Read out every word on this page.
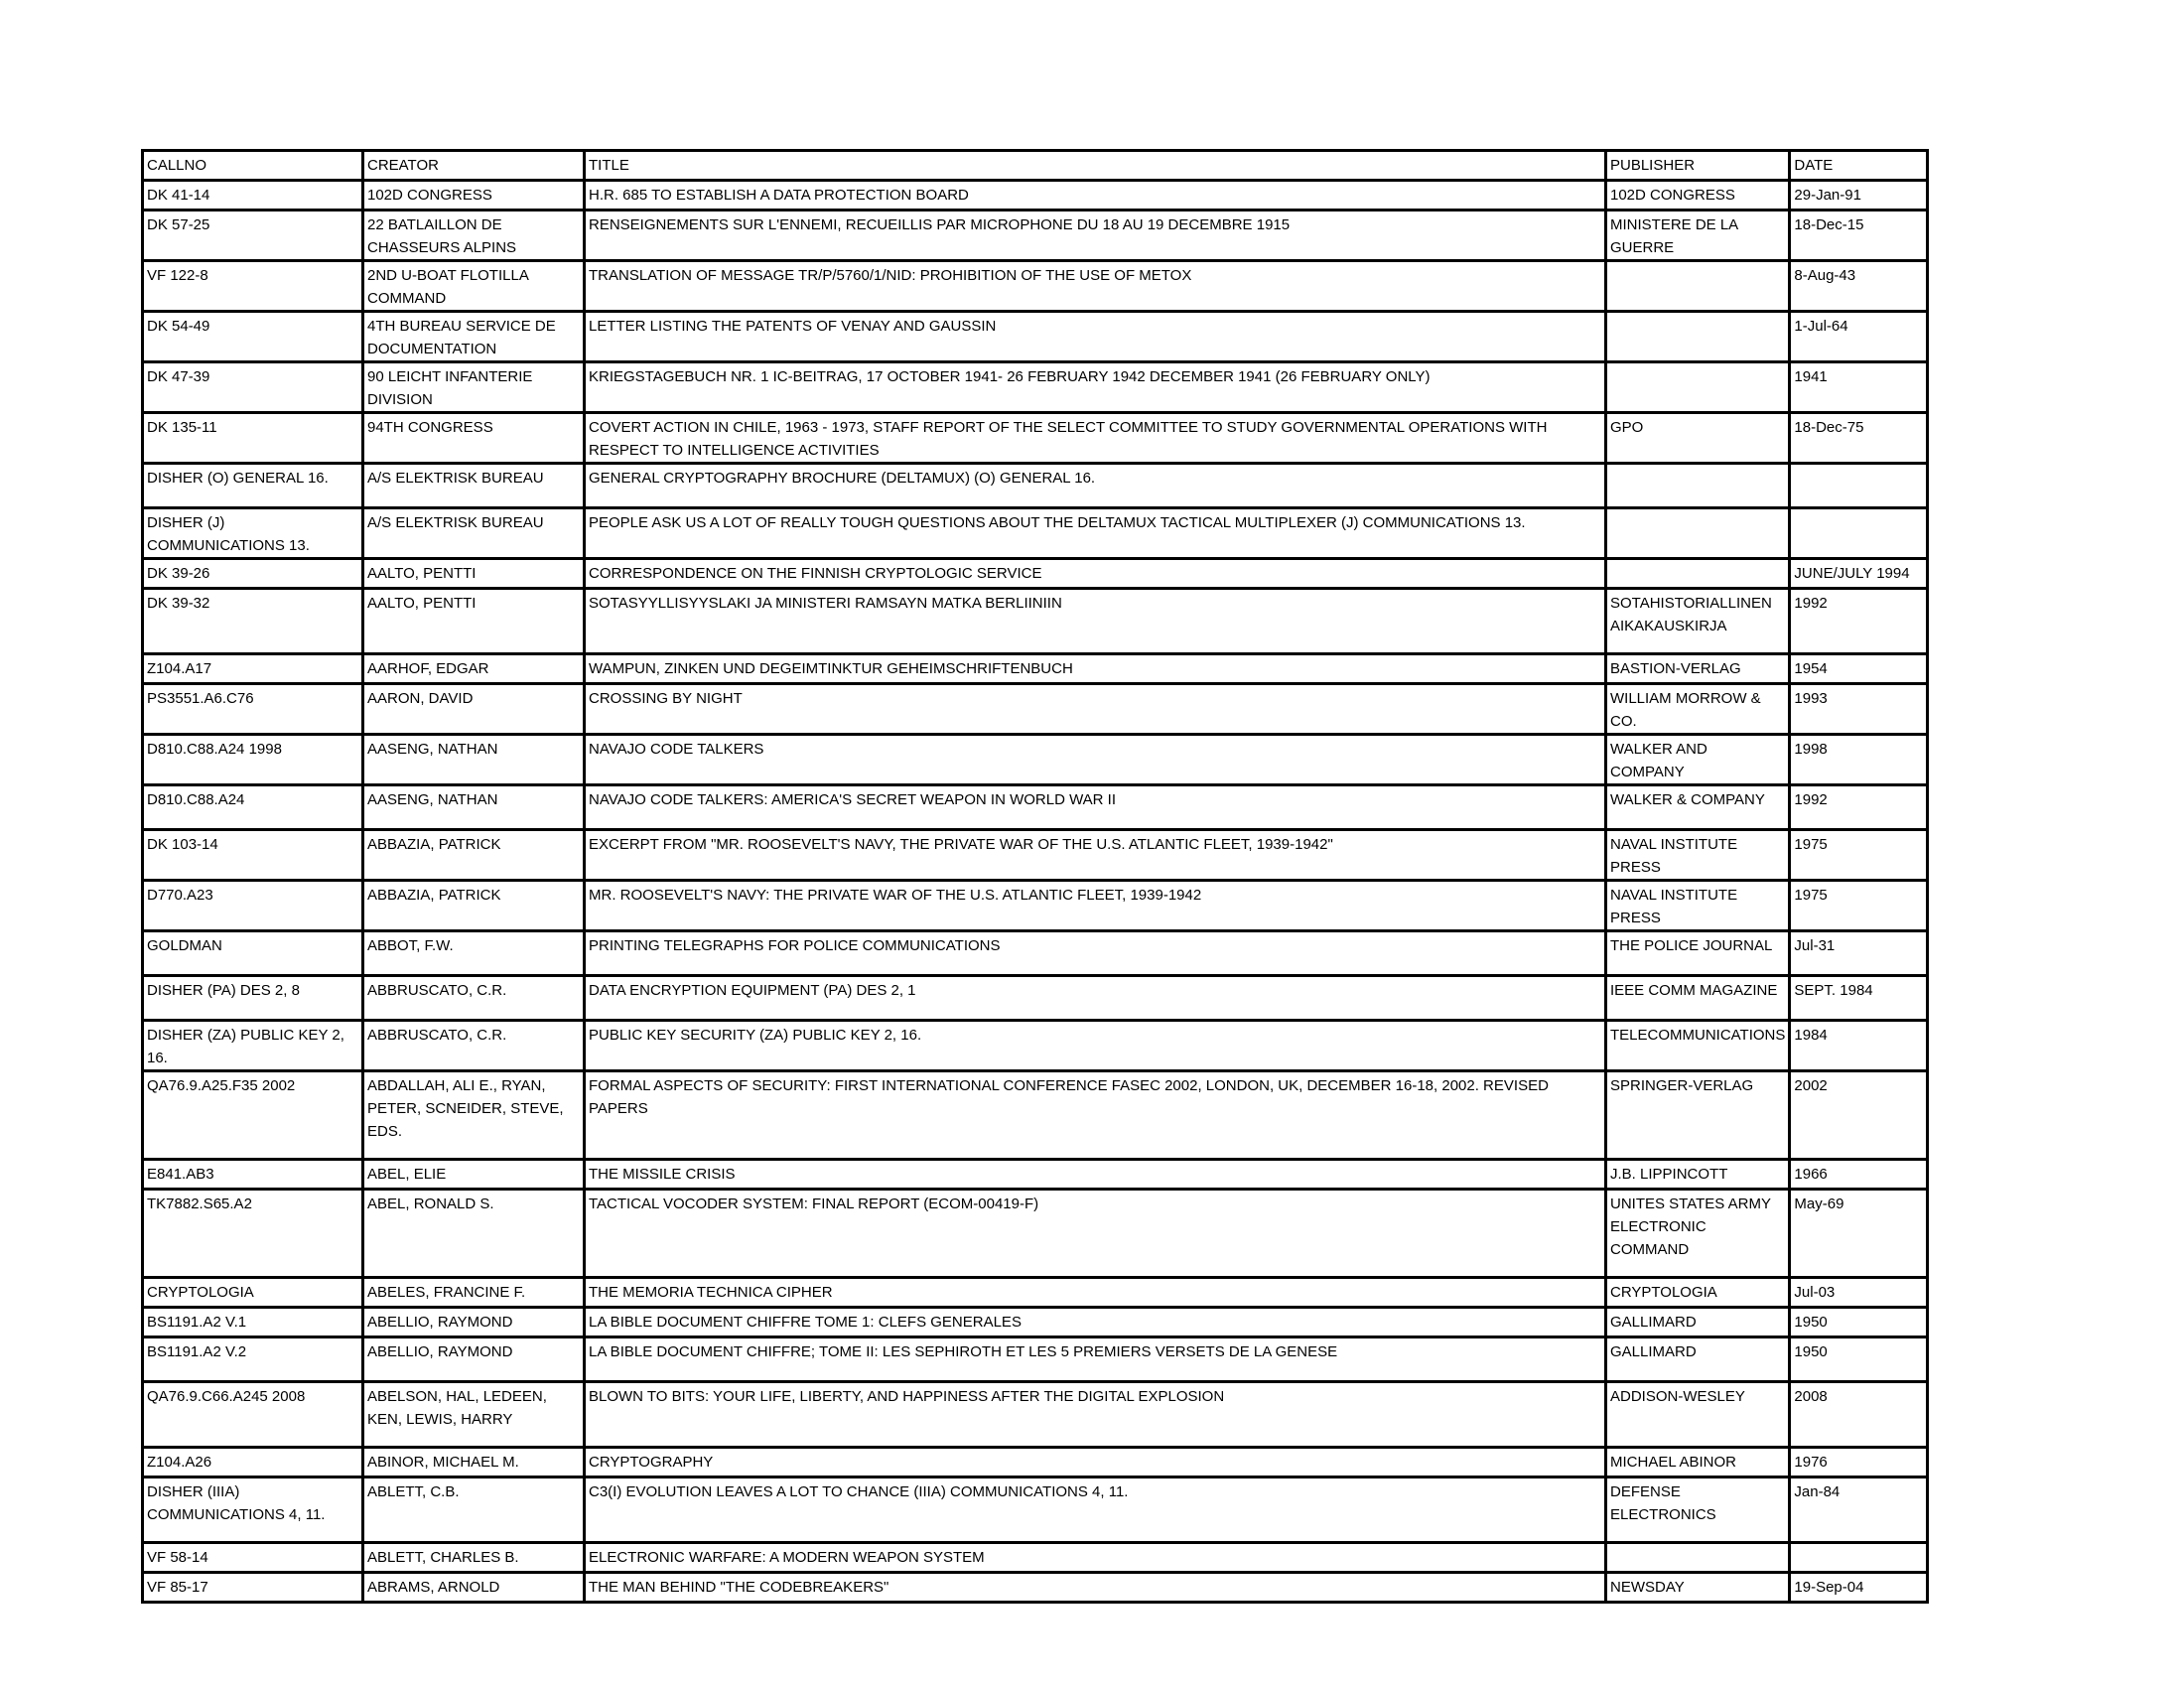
CALLNO	CREATOR	TITLE	PUBLISHER	DATE
DK 41-14	102D CONGRESS	H.R. 685 TO ESTABLISH A DATA PROTECTION BOARD	102D CONGRESS	29-Jan-91
DK 57-25	22 BATLAILLON DE CHASSEURS ALPINS	RENSEIGNEMENTS SUR L'ENNEMI, RECUEILLIS PAR MICROPHONE DU 18 AU 19 DECEMBRE 1915	MINISTERE DE LA GUERRE	18-Dec-15
VF 122-8	2ND U-BOAT FLOTILLA COMMAND	TRANSLATION OF MESSAGE TR/P/5760/1/NID: PROHIBITION OF THE USE OF METOX		8-Aug-43
DK 54-49	4TH BUREAU SERVICE DE DOCUMENTATION	LETTER LISTING THE PATENTS OF VENAY AND GAUSSIN		1-Jul-64
DK 47-39	90 LEICHT INFANTERIE DIVISION	KRIEGSTAGEBUCH NR. 1 IC-BEITRAG, 17 OCTOBER 1941- 26 FEBRUARY 1942 DECEMBER 1941 (26 FEBRUARY ONLY)		1941
DK 135-11	94TH CONGRESS	COVERT ACTION IN CHILE, 1963 - 1973, STAFF REPORT OF THE SELECT COMMITTEE TO STUDY GOVERNMENTAL OPERATIONS WITH RESPECT TO INTELLIGENCE ACTIVITIES	GPO	18-Dec-75
DISHER (O) GENERAL 16.	A/S ELEKTRISK BUREAU	GENERAL CRYPTOGRAPHY BROCHURE (DELTAMUX) (O) GENERAL 16.		
DISHER (J) COMMUNICATIONS 13.	A/S ELEKTRISK BUREAU	PEOPLE ASK US A LOT OF REALLY TOUGH QUESTIONS ABOUT THE DELTAMUX TACTICAL MULTIPLEXER (J) COMMUNICATIONS 13.		
DK 39-26	AALTO, PENTTI	CORRESPONDENCE ON THE FINNISH CRYPTOLOGIC SERVICE		JUNE/JULY 1994
DK 39-32	AALTO, PENTTI	SOTASYYLLISYYSLAKI JA MINISTERI RAMSAYN MATKA BERLIINIIN	SOTAHISTORIALLINEN AIKAKAUSKIRJA	1992
Z104.A17	AARHOF, EDGAR	WAMPUN, ZINKEN UND DEGEIMTINKTUR GEHEIMSCHRIFTENBUCH	BASTION-VERLAG	1954
PS3551.A6.C76	AARON, DAVID	CROSSING BY NIGHT	WILLIAM MORROW & CO.	1993
D810.C88.A24 1998	AASENG, NATHAN	NAVAJO CODE TALKERS	WALKER AND COMPANY	1998
D810.C88.A24	AASENG, NATHAN	NAVAJO CODE TALKERS: AMERICA'S SECRET WEAPON IN WORLD WAR II	WALKER & COMPANY	1992
DK 103-14	ABBAZIA, PATRICK	EXCERPT FROM "MR. ROOSEVELT'S NAVY, THE PRIVATE WAR OF THE U.S. ATLANTIC FLEET, 1939-1942"	NAVAL INSTITUTE PRESS	1975
D770.A23	ABBAZIA, PATRICK	MR. ROOSEVELT'S NAVY: THE PRIVATE WAR OF THE U.S. ATLANTIC FLEET, 1939-1942	NAVAL INSTITUTE PRESS	1975
GOLDMAN	ABBOT, F.W.	PRINTING TELEGRAPHS FOR POLICE COMMUNICATIONS	THE POLICE JOURNAL	Jul-31
DISHER (PA) DES 2, 8	ABBRUSCATO, C.R.	DATA ENCRYPTION EQUIPMENT (PA) DES 2, 1	IEEE COMM MAGAZINE	SEPT. 1984
DISHER (ZA) PUBLIC KEY 2, 16.	ABBRUSCATO, C.R.	PUBLIC KEY SECURITY (ZA) PUBLIC KEY 2, 16.	TELECOMMUNICATIONS	1984
QA76.9.A25.F35 2002	ABDALLAH, ALI E., RYAN, PETER, SCNEIDER, STEVE, EDS.	FORMAL ASPECTS OF SECURITY: FIRST INTERNATIONAL CONFERENCE FASEC 2002, LONDON, UK, DECEMBER 16-18, 2002. REVISED PAPERS	SPRINGER-VERLAG	2002
E841.AB3	ABEL, ELIE	THE MISSILE CRISIS	J.B. LIPPINCOTT	1966
TK7882.S65.A2	ABEL, RONALD S.	TACTICAL VOCODER SYSTEM: FINAL REPORT (ECOM-00419-F)	UNITES STATES ARMY ELECTRONIC COMMAND	May-69
CRYPTOLOGIA	ABELES, FRANCINE F.	THE MEMORIA TECHNICA CIPHER	CRYPTOLOGIA	Jul-03
BS1191.A2 V.1	ABELLIO, RAYMOND	LA BIBLE DOCUMENT CHIFFRE TOME 1: CLEFS GENERALES	GALLIMARD	1950
BS1191.A2 V.2	ABELLIO, RAYMOND	LA BIBLE DOCUMENT CHIFFRE; TOME II: LES SEPHIROTH ET LES 5 PREMIERS VERSETS DE LA GENESE	GALLIMARD	1950
QA76.9.C66.A245 2008	ABELSON, HAL, LEDEEN, KEN, LEWIS, HARRY	BLOWN TO BITS: YOUR LIFE, LIBERTY, AND HAPPINESS AFTER THE DIGITAL EXPLOSION	ADDISON-WESLEY	2008
Z104.A26	ABINOR, MICHAEL M.	CRYPTOGRAPHY	MICHAEL ABINOR	1976
DISHER (IIIA) COMMUNICATIONS 4, 11.	ABLETT, C.B.	C3(I) EVOLUTION LEAVES A LOT TO CHANCE (IIIA) COMMUNICATIONS 4, 11.	DEFENSE ELECTRONICS	Jan-84
VF 58-14	ABLETT, CHARLES B.	ELECTRONIC WARFARE: A MODERN WEAPON SYSTEM		
VF 85-17	ABRAMS, ARNOLD	THE MAN BEHIND "THE CODEBREAKERS"	NEWSDAY	19-Sep-04
